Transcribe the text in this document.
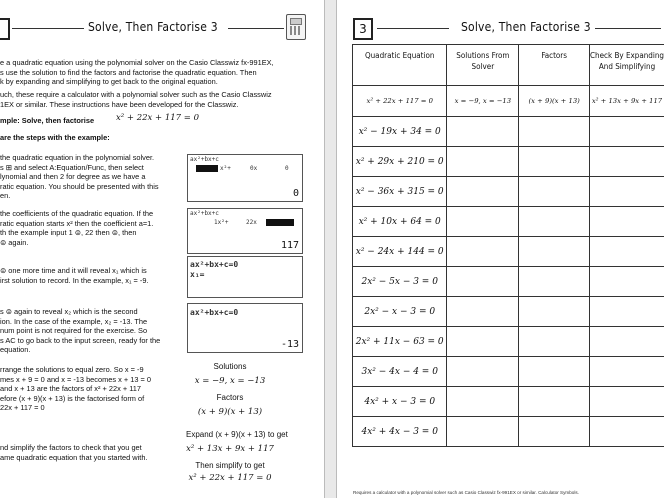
Solve, Then Factorise 3
e a quadratic equation using the polynomial solver on the Casio Classwiz fx-991EX,
s use the solution to find the factors and factorise the quadratic equation. Then
k by expanding and simplifying to get back to the original equation.
uch, these require a calculator with a polynomial solver such as the Casio Classwiz
1EX or similar. These instructions have been developed for the Classwiz.
mple: Solve, then factorise	x² + 22x + 117 = 0
are the steps with the example:
the quadratic equation in the polynomial solver.
s ⊞ and select A:Equation/Func, then select
lynomial and then 2 for degree as we have a
ratic equation. You should be presented with this
en.
ax²+bx+c
x²+	0x	0
0
the coefficients of the quadratic equation. If the
ratic equation starts x² then the coefficient a=1.
th the example input 1 ⊜, 22 then ⊜, then
⊜ again.
ax²+bx+c
1x²+	22x
117
⊜ one more time and it will reveal x₁ which is
irst solution to record. In the example, x₁ = -9.
ax²+bx+c=0
x₁=
s ⊜ again to reveal x₂ which is the second
ion. In the case of the example, x₂ = -13. The
num point is not required for the exercise. So
s AC to go back to the input screen, ready for the
equation.
ax²+bx+c=0
-13
rrange the solutions to equal zero. So x = -9
mes x + 9 = 0 and x = -13 becomes x + 13 = 0
and x + 13 are the factors of x² + 22x + 117
efore (x + 9)(x + 13) is the factorised form of
22x + 117 = 0
nd simplify the factors to check that you get
ame quadratic equation that you started with.
Solutions
x = −9, x = −13
Factors
(x + 9)(x + 13)
Expand (x + 9)(x + 13) to get
x² + 13x + 9x + 117
Then simplify to get
x² + 22x + 117 = 0
3	Solve, Then Factorise 3
Quadratic Equation	Solutions From Solver	Factors	Check By Expanding And Simplifying
x² + 22x + 117 = 0	x = −9, x = −13	(x + 9)(x + 13)	x² + 13x + 9x + 117
x² − 19x + 34 = 0			
x² + 29x + 210 = 0			
x² − 36x + 315 = 0			
x² + 10x + 64 = 0			
x² − 24x + 144 = 0			
2x² − 5x − 3 = 0			
2x² − x − 3 = 0			
2x² + 11x − 63 = 0			
3x² − 4x − 4 = 0			
4x² + x − 3 = 0			
4x² + 4x − 3 = 0			
Requires a calculator with a polynomial solver such as Casio Classwiz fx-991EX or similar. Calculator Symbols.
